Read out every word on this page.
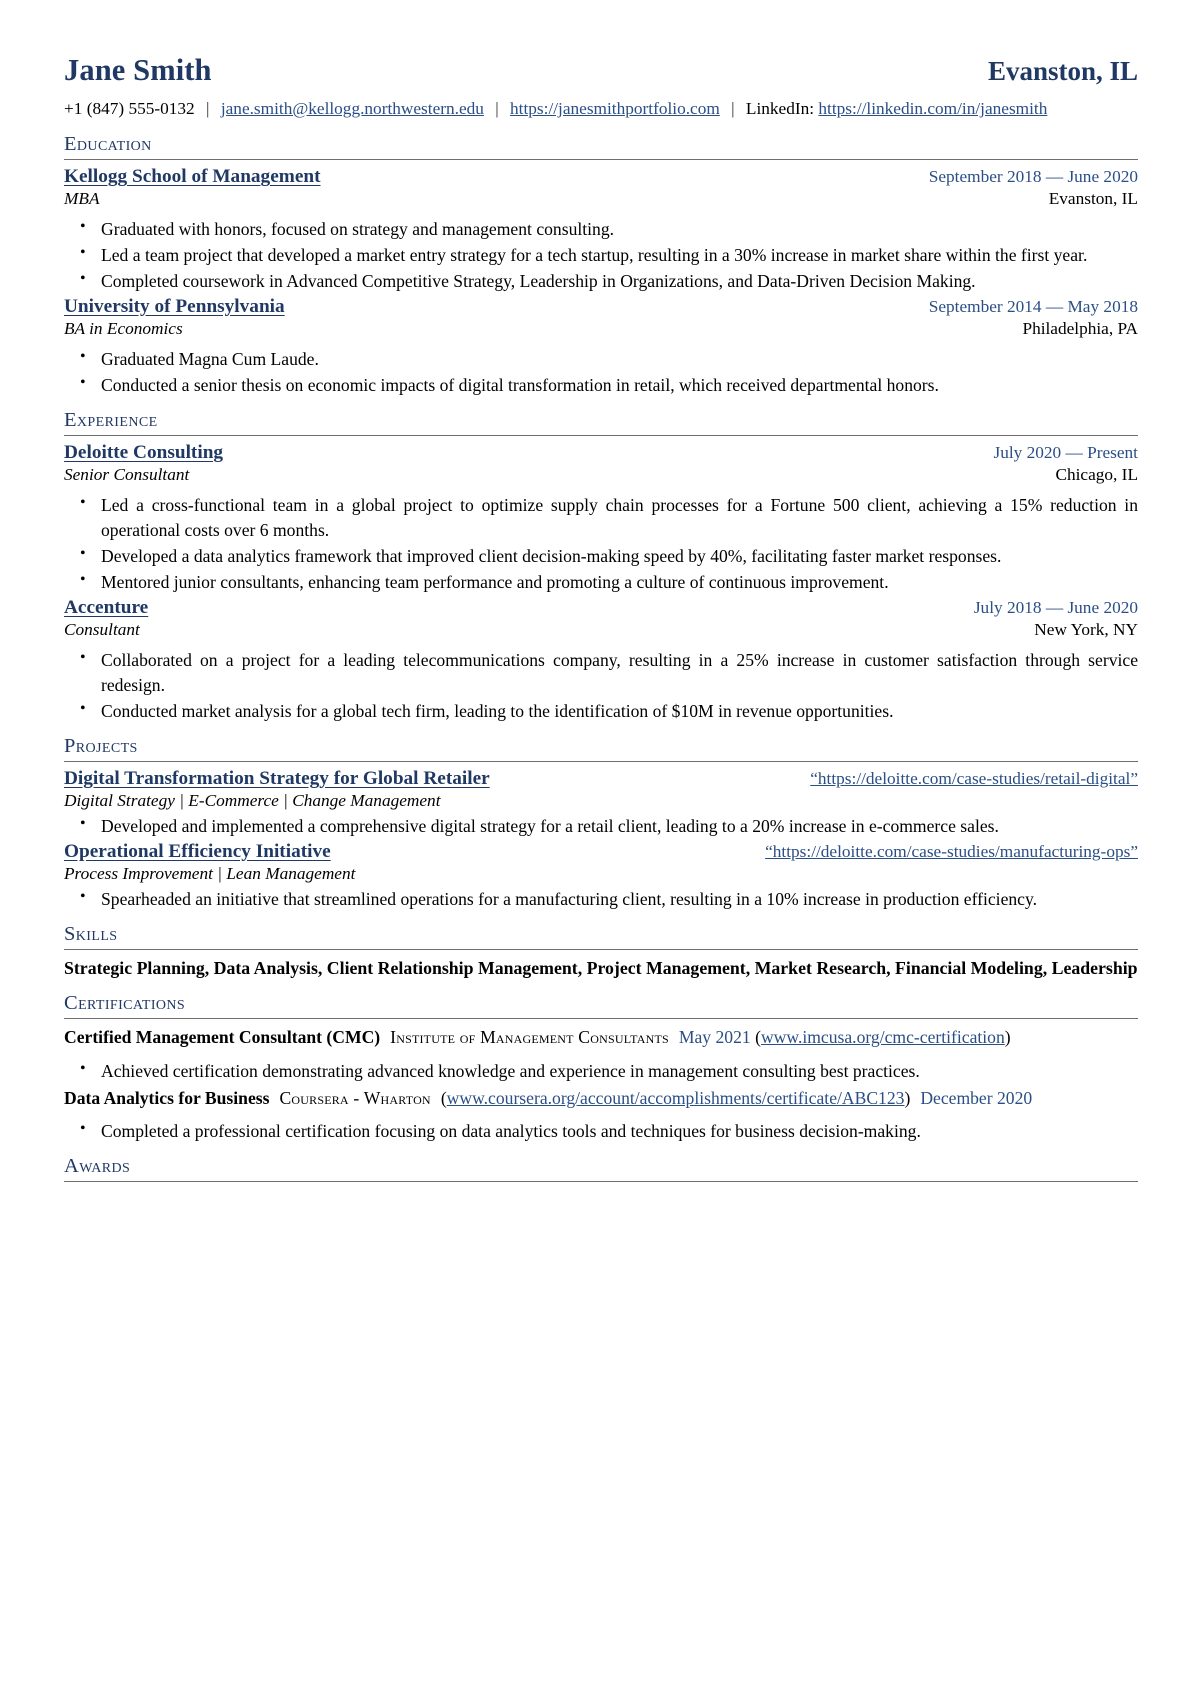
Jane Smith	Evanston, IL
+1 (847) 555-0132 | jane.smith@kellogg.northwestern.edu | https://janesmithportfolio.com | LinkedIn: https://linkedin.com/in/janesmith
Education
Kellogg School of Management	September 2018 — June 2020
MBA	Evanston, IL
• Graduated with honors, focused on strategy and management consulting.
• Led a team project that developed a market entry strategy for a tech startup, resulting in a 30% increase in market share within the first year.
• Completed coursework in Advanced Competitive Strategy, Leadership in Organizations, and Data-Driven Decision Making.
University of Pennsylvania	September 2014 — May 2018
BA in Economics	Philadelphia, PA
• Graduated Magna Cum Laude.
• Conducted a senior thesis on economic impacts of digital transformation in retail, which received departmental honors.
Experience
Deloitte Consulting	July 2020 — Present
Senior Consultant	Chicago, IL
• Led a cross-functional team in a global project to optimize supply chain processes for a Fortune 500 client, achieving a 15% reduction in operational costs over 6 months.
• Developed a data analytics framework that improved client decision-making speed by 40%, facilitating faster market responses.
• Mentored junior consultants, enhancing team performance and promoting a culture of continuous improvement.
Accenture	July 2018 — June 2020
Consultant	New York, NY
• Collaborated on a project for a leading telecommunications company, resulting in a 25% increase in customer satisfaction through service redesign.
• Conducted market analysis for a global tech firm, leading to the identification of $10M in revenue opportunities.
Projects
Digital Transformation Strategy for Global Retailer	“https://deloitte.com/case-studies/retail-digital”
Digital Strategy | E-Commerce | Change Management
• Developed and implemented a comprehensive digital strategy for a retail client, leading to a 20% increase in e-commerce sales.
Operational Efficiency Initiative	“https://deloitte.com/case-studies/manufacturing-ops”
Process Improvement | Lean Management
• Spearheaded an initiative that streamlined operations for a manufacturing client, resulting in a 10% increase in production efficiency.
Skills
Strategic Planning, Data Analysis, Client Relationship Management, Project Management, Market Research, Financial Modeling, Leadership
Certifications
Certified Management Consultant (CMC) Institute of Management Consultants May 2021 (www.imcusa.org/cmc-certification)
• Achieved certification demonstrating advanced knowledge and experience in management consulting best practices.
Data Analytics for Business Coursera - Wharton (www.coursera.org/account/accomplishments/certificate/ABC123) December 2020
• Completed a professional certification focusing on data analytics tools and techniques for business decision-making.
Awards
